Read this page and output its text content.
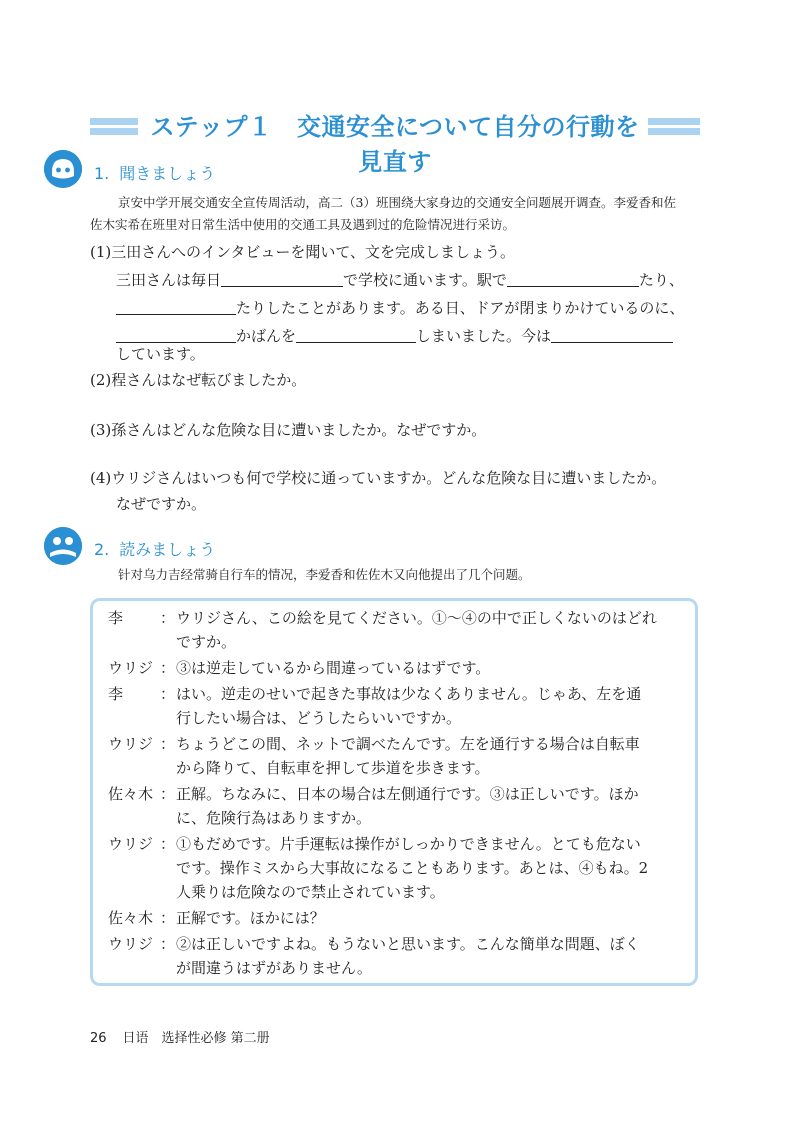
ステップ１　交通安全について自分の行動を見直す
1. 聞きましょう
京安中学开展交通安全宣传周活动，高二（3）班围绕大家身边的交通安全问题展开调查。李爱香和佐
佐木实希在班里对日常生活中使用的交通工具及遇到过的危险情况进行采访。
(1)三田さんへのインタビューを聞いて、文を完成しましょう。
三田さんは毎日	で学校に通います。駅で	たり、
たりしたことがあります。ある日、ドアが閉まりかけているのに、
かばんを	しまいました。今は
しています。
(2)程さんはなぜ転びましたか。
(3)孫さんはどんな危険な目に遭いましたか。なぜですか。
(4)ウリジさんはいつも何で学校に通っていますか。どんな危険な目に遭いましたか。
なぜですか。
2. 読みましょう
针对乌力吉经常骑自行车的情况，李爱香和佐佐木又向他提出了几个问题。
李 ： ウリジさん、この絵を見てください。①〜④の中で正しくないのはどれ
ですか。
ウリジ ： ③は逆走しているから間違っているはずです。
李 ： はい。逆走のせいで起きた事故は少なくありません。じゃあ、左を通
行したい場合は、どうしたらいいですか。
ウリジ ： ちょうどこの間、ネットで調べたんです。左を通行する場合は自転車
から降りて、自転車を押して歩道を歩きます。
佐々木 ： 正解。ちなみに、日本の場合は左側通行です。③は正しいです。ほか
に、危険行為はありますか。
ウリジ ： ①もだめです。片手運転は操作がしっかりできません。とても危ない
です。操作ミスから大事故になることもあります。あとは、④もね。2
人乗りは危険なので禁止されています。
佐々木 ： 正解です。ほかには？
ウリジ ： ②は正しいですよね。もうないと思います。こんな簡単な問題、ぼく
が間違うはずがありません。
26 日语　选择性必修 第二册
